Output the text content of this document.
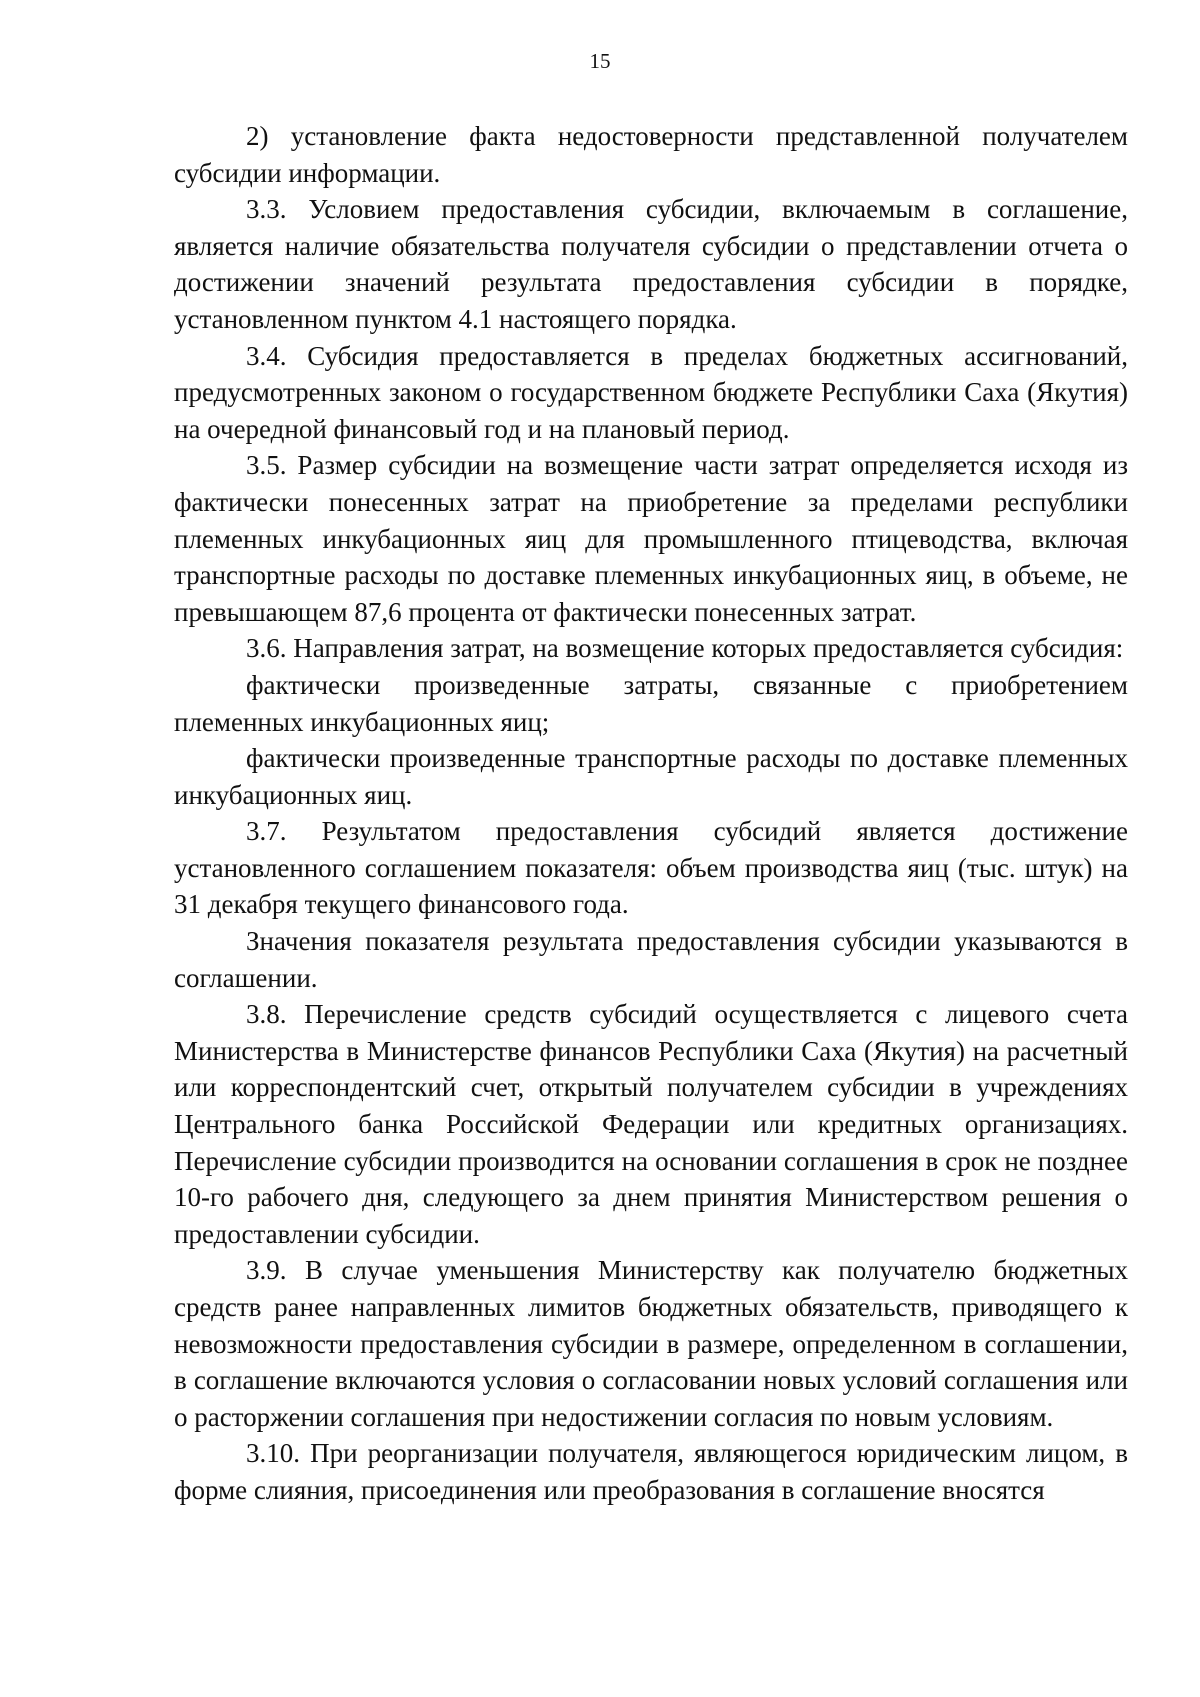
15

2) установление факта недостоверности представленной получателем субсидии информации.

3.3. Условием предоставления субсидии, включаемым в соглашение, является наличие обязательства получателя субсидии о представлении отчета о достижении значений результата предоставления субсидии в порядке, установленном пунктом 4.1 настоящего порядка.

3.4. Субсидия предоставляется в пределах бюджетных ассигнований, предусмотренных законом о государственном бюджете Республики Саха (Якутия) на очередной финансовый год и на плановый период.

3.5. Размер субсидии на возмещение части затрат определяется исходя из фактически понесенных затрат на приобретение за пределами республики племенных инкубационных яиц для промышленного птицеводства, включая транспортные расходы по доставке племенных инкубационных яиц, в объеме, не превышающем 87,6 процента от фактически понесенных затрат.

3.6. Направления затрат, на возмещение которых предоставляется субсидия:

фактически произведенные затраты, связанные с приобретением племенных инкубационных яиц;

фактически произведенные транспортные расходы по доставке племенных инкубационных яиц.

3.7. Результатом предоставления субсидий является достижение установленного соглашением показателя: объем производства яиц (тыс. штук) на 31 декабря текущего финансового года.

Значения показателя результата предоставления субсидии указываются в соглашении.

3.8. Перечисление средств субсидий осуществляется с лицевого счета Министерства в Министерстве финансов Республики Саха (Якутия) на расчетный или корреспондентский счет, открытый получателем субсидии в учреждениях Центрального банка Российской Федерации или кредитных организациях. Перечисление субсидии производится на основании соглашения в срок не позднее 10-го рабочего дня, следующего за днем принятия Министерством решения о предоставлении субсидии.

3.9. В случае уменьшения Министерству как получателю бюджетных средств ранее направленных лимитов бюджетных обязательств, приводящего к невозможности предоставления субсидии в размере, определенном в соглашении, в соглашение включаются условия о согласовании новых условий соглашения или о расторжении соглашения при недостижении согласия по новым условиям.

3.10. При реорганизации получателя, являющегося юридическим лицом, в форме слияния, присоединения или преобразования в соглашение вносятся
